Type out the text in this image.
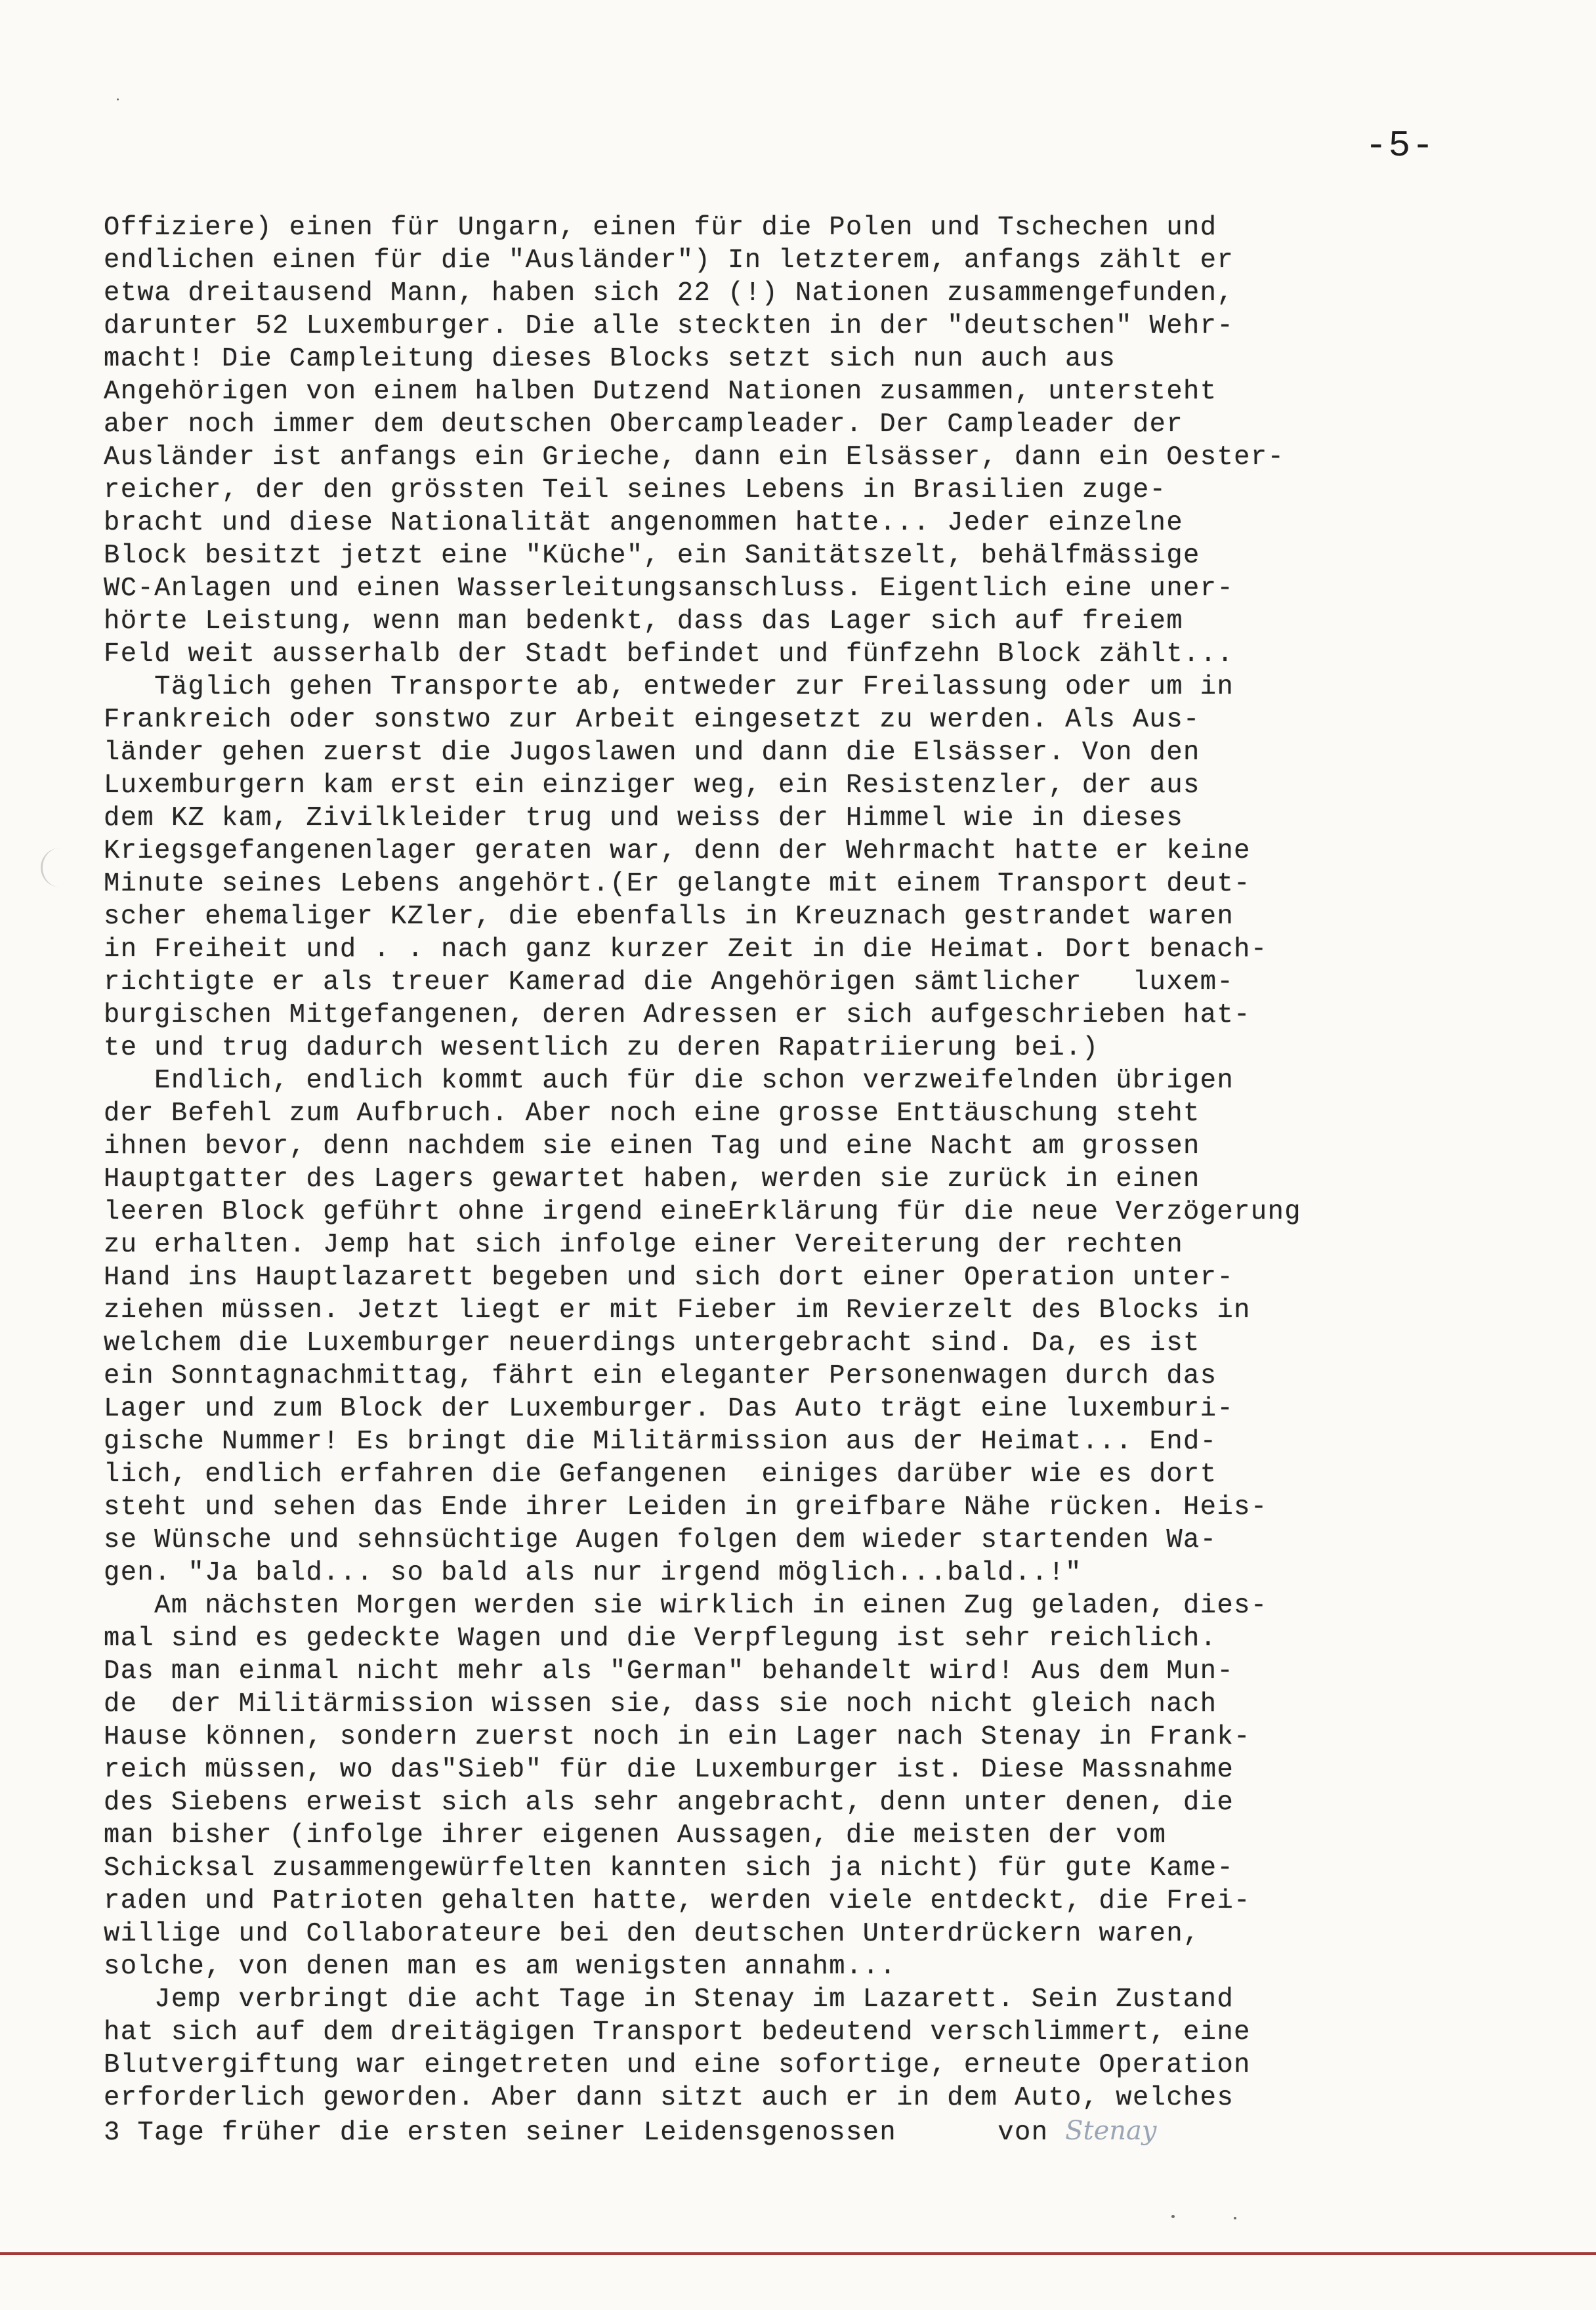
-5-
Offiziere) einen für Ungarn, einen für die Polen und Tschechen und
endlichen einen für die "Ausländer") In letzterem, anfangs zählt er
etwa dreitausend Mann, haben sich 22 (!) Nationen zusammengefunden,
darunter 52 Luxemburger. Die alle steckten in der "deutschen" Wehr-
macht! Die Campleitung dieses Blocks setzt sich nun auch aus
Angehörigen von einem halben Dutzend Nationen zusammen, untersteht
aber noch immer dem deutschen Obercampleader. Der Campleader der
Ausländer ist anfangs ein Grieche, dann ein Elsässer, dann ein Oester-
reicher, der den grössten Teil seines Lebens in Brasilien zuge-
bracht und diese Nationalität angenommen hatte... Jeder einzelne
Block besitzt jetzt eine "Küche", ein Sanitätszelt, behälfmässige
WC-Anlagen und einen Wasserleitungsanschluss. Eigentlich eine uner-
hörte Leistung, wenn man bedenkt, dass das Lager sich auf freiem
Feld weit ausserhalb der Stadt befindet und fünfzehn Block zählt...
Täglich gehen Transporte ab, entweder zur Freilassung oder um in
Frankreich oder sonstwo zur Arbeit eingesetzt zu werden. Als Aus-
länder gehen zuerst die Jugoslawen und dann die Elsässer. Von den
Luxemburgern kam erst ein einziger weg, ein Resistenzler, der aus
dem KZ kam, Zivilkleider trug und weiss der Himmel wie in dieses
Kriegsgefangenenlager geraten war, denn der Wehrmacht hatte er keine
Minute seines Lebens angehört.(Er gelangte mit einem Transport deut-
scher ehemaliger KZler, die ebenfalls in Kreuznach gestrandet waren
in Freiheit und . . nach ganz kurzer Zeit in die Heimat. Dort benach-
richtigte er als treuer Kamerad die Angehörigen sämtlicher   luxem-
burgischen Mitgefangenen, deren Adressen er sich aufgeschrieben hat-
te und trug dadurch wesentlich zu deren Rapatriierung bei.)
Endlich, endlich kommt auch für die schon verzweifelnden übrigen
der Befehl zum Aufbruch. Aber noch eine grosse Enttäuschung steht
ihnen bevor, denn nachdem sie einen Tag und eine Nacht am grossen
Hauptgatter des Lagers gewartet haben, werden sie zurück in einen
leeren Block geführt ohne irgend eineErklärung für die neue Verzögerung
zu erhalten. Jemp hat sich infolge einer Vereiterung der rechten
Hand ins Hauptlazarett begeben und sich dort einer Operation unter-
ziehen müssen. Jetzt liegt er mit Fieber im Revierzelt des Blocks in
welchem die Luxemburger neuerdings untergebracht sind. Da, es ist
ein Sonntagnachmittag, fährt ein eleganter Personenwagen durch das
Lager und zum Block der Luxemburger. Das Auto trägt eine luxemburi-
gische Nummer! Es bringt die Militärmission aus der Heimat... End-
lich, endlich erfahren die Gefangenen  einiges darüber wie es dort
steht und sehen das Ende ihrer Leiden in greifbare Nähe rücken. Heis-
se Wünsche und sehnsüchtige Augen folgen dem wieder startenden Wa-
gen. "Ja bald... so bald als nur irgend möglich...bald..!"
Am nächsten Morgen werden sie wirklich in einen Zug geladen, dies-
mal sind es gedeckte Wagen und die Verpflegung ist sehr reichlich.
Das man einmal nicht mehr als "German" behandelt wird! Aus dem Mun-
de  der Militärmission wissen sie, dass sie noch nicht gleich nach
Hause können, sondern zuerst noch in ein Lager nach Stenay in Frank-
reich müssen, wo das"Sieb" für die Luxemburger ist. Diese Massnahme
des Siebens erweist sich als sehr angebracht, denn unter denen, die
man bisher (infolge ihrer eigenen Aussagen, die meisten der vom
Schicksal zusammengewürfelten kannten sich ja nicht) für gute Kame-
raden und Patrioten gehalten hatte, werden viele entdeckt, die Frei-
willige und Collaborateure bei den deutschen Unterdrückern waren,
solche, von denen man es am wenigsten annahm...
Jemp verbringt die acht Tage in Stenay im Lazarett. Sein Zustand
hat sich auf dem dreitägigen Transport bedeutend verschlimmert, eine
Blutvergiftung war eingetreten und eine sofortige, erneute Operation
erforderlich geworden. Aber dann sitzt auch er in dem Auto, welches
3 Tage früher die ersten seiner Leidensgenossen      von Stenay
